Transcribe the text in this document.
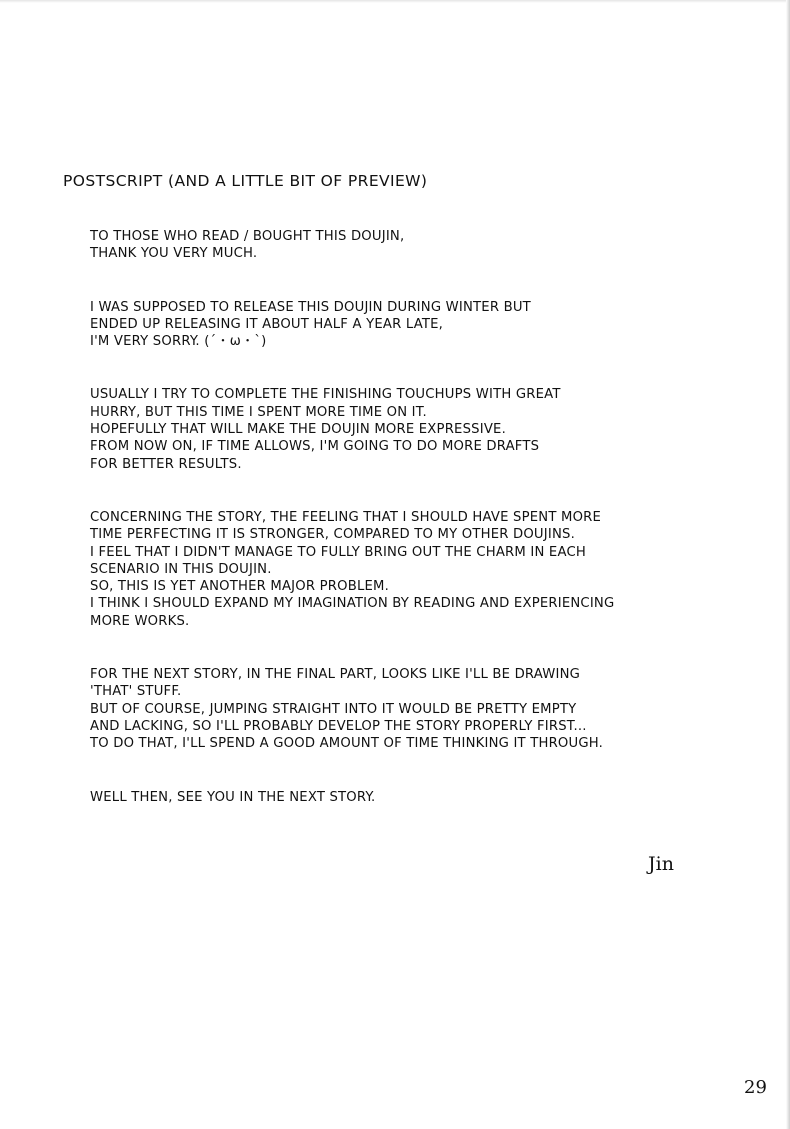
POSTSCRIPT (AND A LITTLE BIT OF PREVIEW)
TO THOSE WHO READ / BOUGHT THIS DOUJIN,
THANK YOU VERY MUCH.
I WAS SUPPOSED TO RELEASE THIS DOUJIN DURING WINTER BUT
ENDED UP RELEASING IT ABOUT HALF A YEAR LATE,
I'M VERY SORRY. (´・ω・`)
USUALLY I TRY TO COMPLETE THE FINISHING TOUCHUPS WITH GREAT
HURRY, BUT THIS TIME I SPENT MORE TIME ON IT.
HOPEFULLY THAT WILL MAKE THE DOUJIN MORE EXPRESSIVE.
FROM NOW ON, IF TIME ALLOWS, I'M GOING TO DO MORE DRAFTS
FOR BETTER RESULTS.
CONCERNING THE STORY, THE FEELING THAT I SHOULD HAVE SPENT MORE
TIME PERFECTING IT IS STRONGER, COMPARED TO MY OTHER DOUJINS.
I FEEL THAT I DIDN'T MANAGE TO FULLY BRING OUT THE CHARM IN EACH
SCENARIO IN THIS DOUJIN.
SO, THIS IS YET ANOTHER MAJOR PROBLEM.
I THINK I SHOULD EXPAND MY IMAGINATION BY READING AND EXPERIENCING
MORE WORKS.
FOR THE NEXT STORY, IN THE FINAL PART, LOOKS LIKE I'LL BE DRAWING
'THAT' STUFF.
BUT OF COURSE, JUMPING STRAIGHT INTO IT WOULD BE PRETTY EMPTY
AND LACKING, SO I'LL PROBABLY DEVELOP THE STORY PROPERLY FIRST...
TO DO THAT, I'LL SPEND A GOOD AMOUNT OF TIME THINKING IT THROUGH.
WELL THEN, SEE YOU IN THE NEXT STORY.
Jin
29
